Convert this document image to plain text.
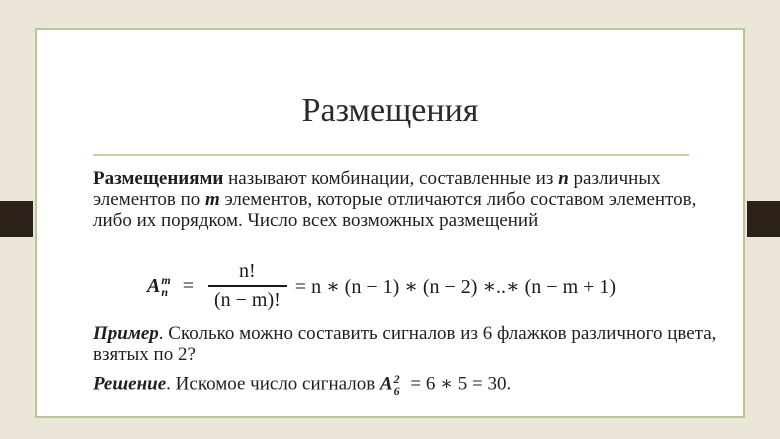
Размещения
Размещениями называют комбинации, составленные из n различных элементов по m элементов, которые отличаются либо составом элементов, либо их порядком. Число всех возможных размещений
A m
$n = \frac{n!}{(n - m)!} = n$ ∗ (n − 1) ∗ (n − 2) ∗..∗ (n − m + 1)
Пример. Сколько можно составить сигналов из 6 флажков различного цвета, взятых по 2?
Решение. Искомое число сигналов A 2
6 = 6 ∗ 5 = 30.
